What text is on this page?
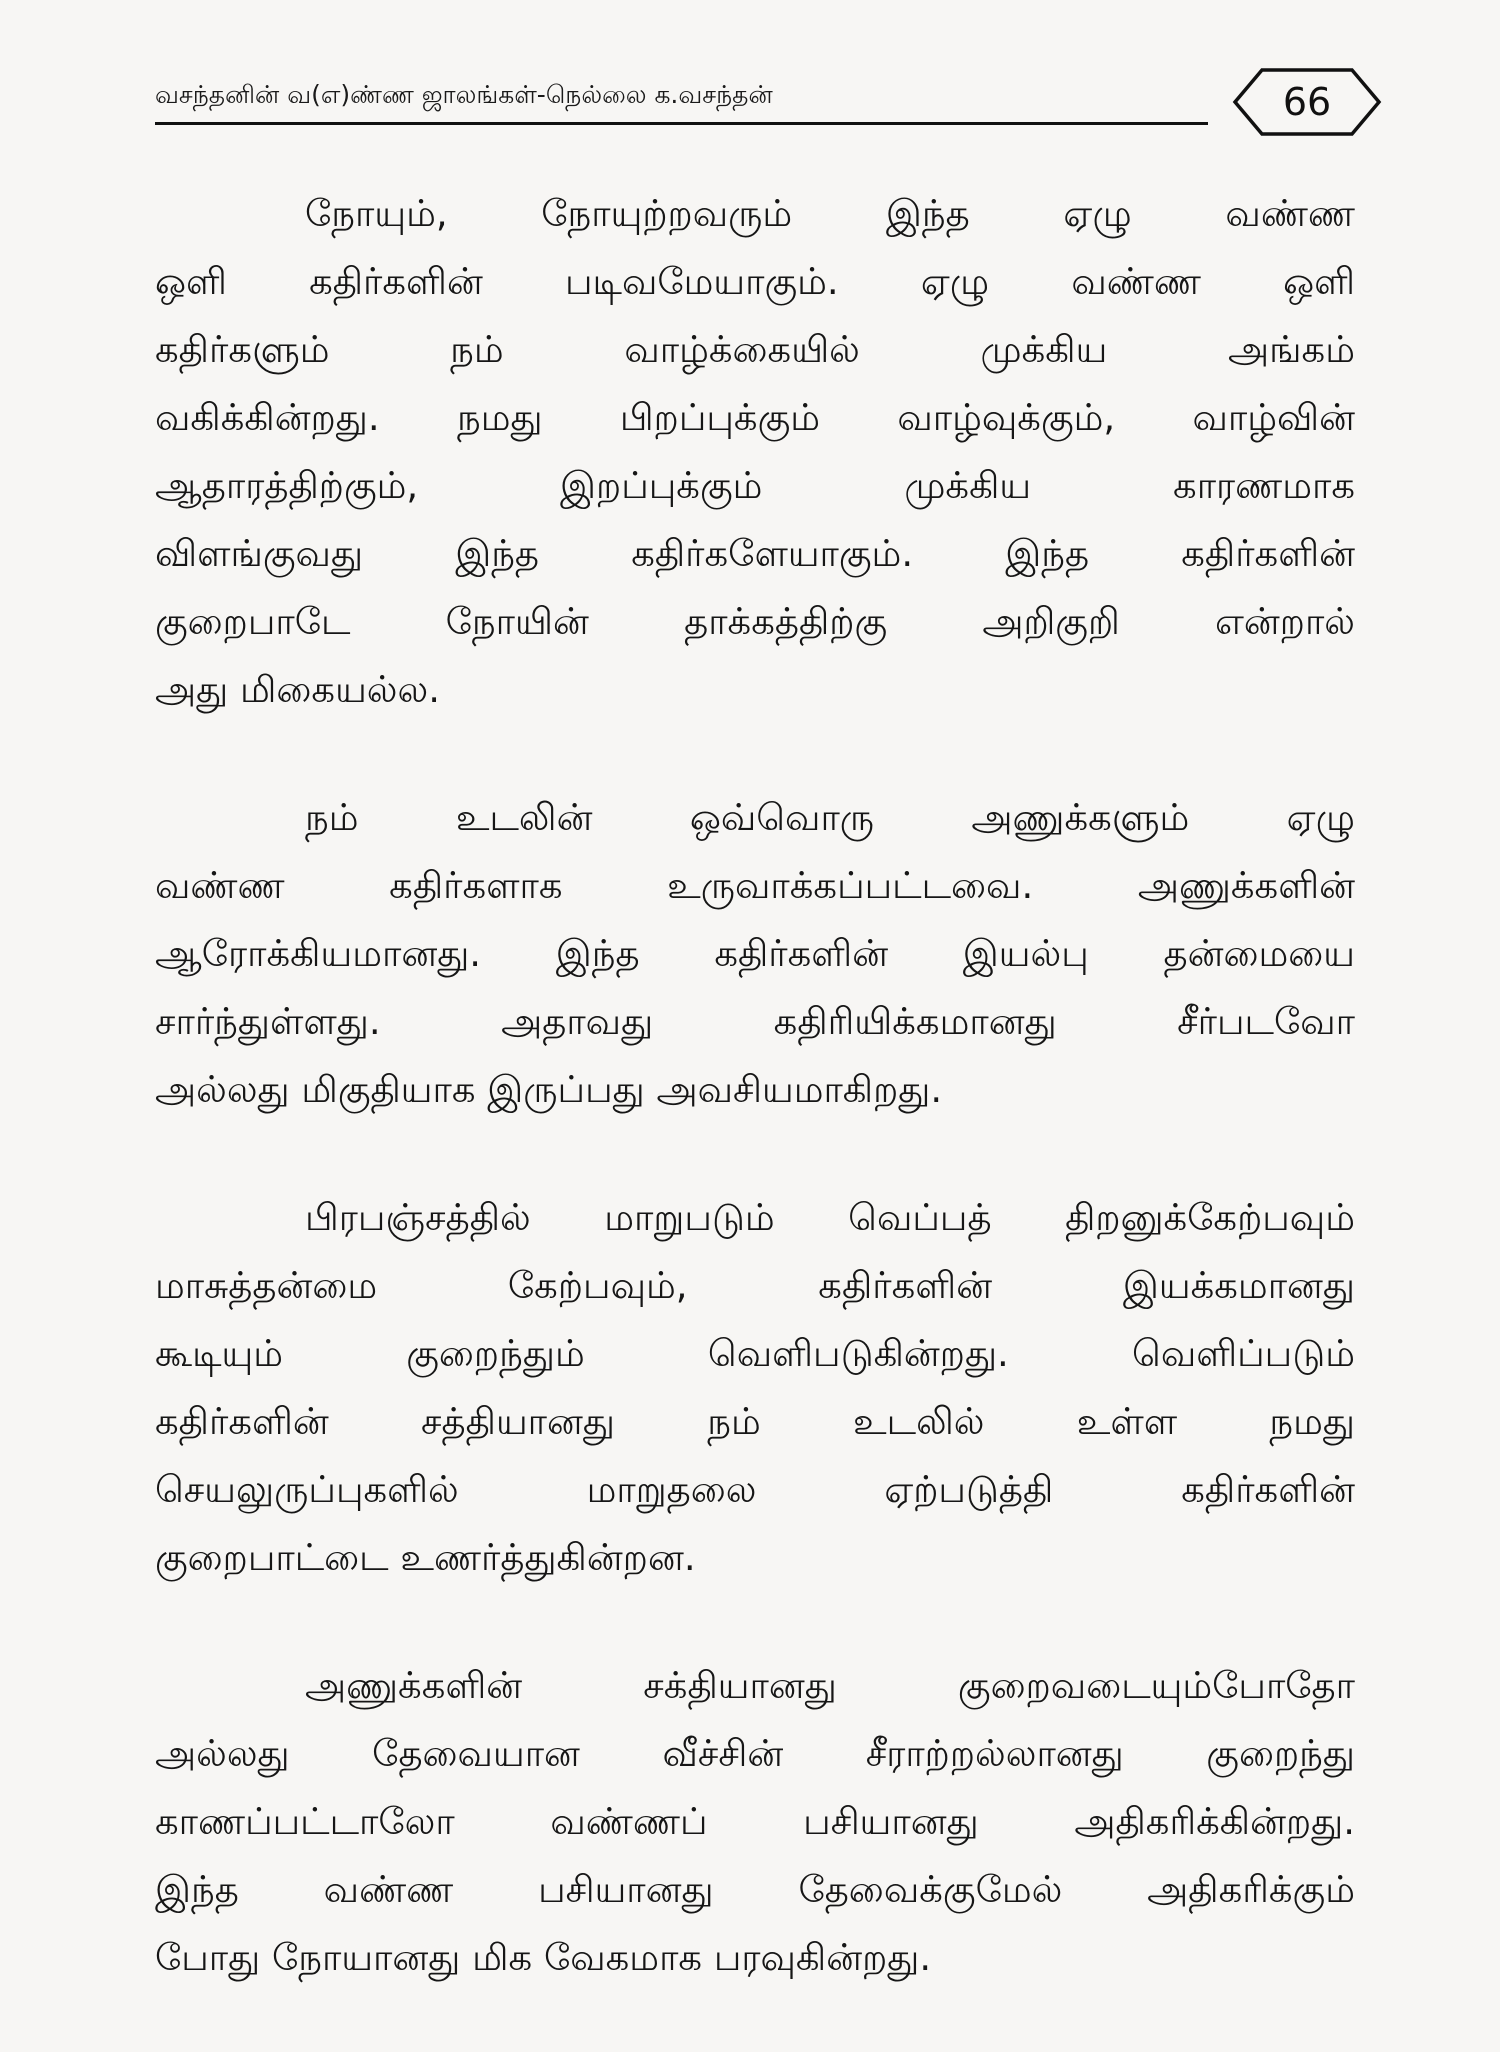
வசந்தனின் வ(எ)ண்ண ஜாலங்கள்-நெல்லை க.வசந்தன்	66
நோயும், நோயுற்றவரும் இந்த ஏழு வண்ண
ஒளி கதிர்களின் படிவமேயாகும். ஏழு வண்ண ஒளி
கதிர்களும் நம் வாழ்க்கையில் முக்கிய அங்கம்
வகிக்கின்றது. நமது பிறப்புக்கும் வாழ்வுக்கும், வாழ்வின்
ஆதாரத்திற்கும், இறப்புக்கும் முக்கிய காரணமாக
விளங்குவது இந்த கதிர்களேயாகும். இந்த கதிர்களின்
குறைபாடே நோயின் தாக்கத்திற்கு அறிகுறி என்றால்
அது மிகையல்ல.
நம் உடலின் ஒவ்வொரு அணுக்களும் ஏழு
வண்ண கதிர்களாக உருவாக்கப்பட்டவை. அணுக்களின்
ஆரோக்கியமானது. இந்த கதிர்களின் இயல்பு தன்மையை
சார்ந்துள்ளது. அதாவது கதிரியிக்கமானது சீர்படவோ
அல்லது மிகுதியாக இருப்பது அவசியமாகிறது.
பிரபஞ்சத்தில் மாறுபடும் வெப்பத் திறனுக்கேற்பவும்
மாசுத்தன்மை கேற்பவும், கதிர்களின் இயக்கமானது
கூடியும் குறைந்தும் வெளிபடுகின்றது. வெளிப்படும்
கதிர்களின் சத்தியானது நம் உடலில் உள்ள நமது
செயலுருப்புகளில் மாறுதலை ஏற்படுத்தி கதிர்களின்
குறைபாட்டை உணர்த்துகின்றன.
அணுக்களின் சக்தியானது குறைவடையும்போதோ
அல்லது தேவையான வீச்சின் சீராற்றல்லானது குறைந்து
காணப்பட்டாலோ வண்ணப் பசியானது அதிகரிக்கின்றது.
இந்த வண்ண பசியானது தேவைக்குமேல் அதிகரிக்கும்
போது நோயானது மிக வேகமாக பரவுகின்றது.
